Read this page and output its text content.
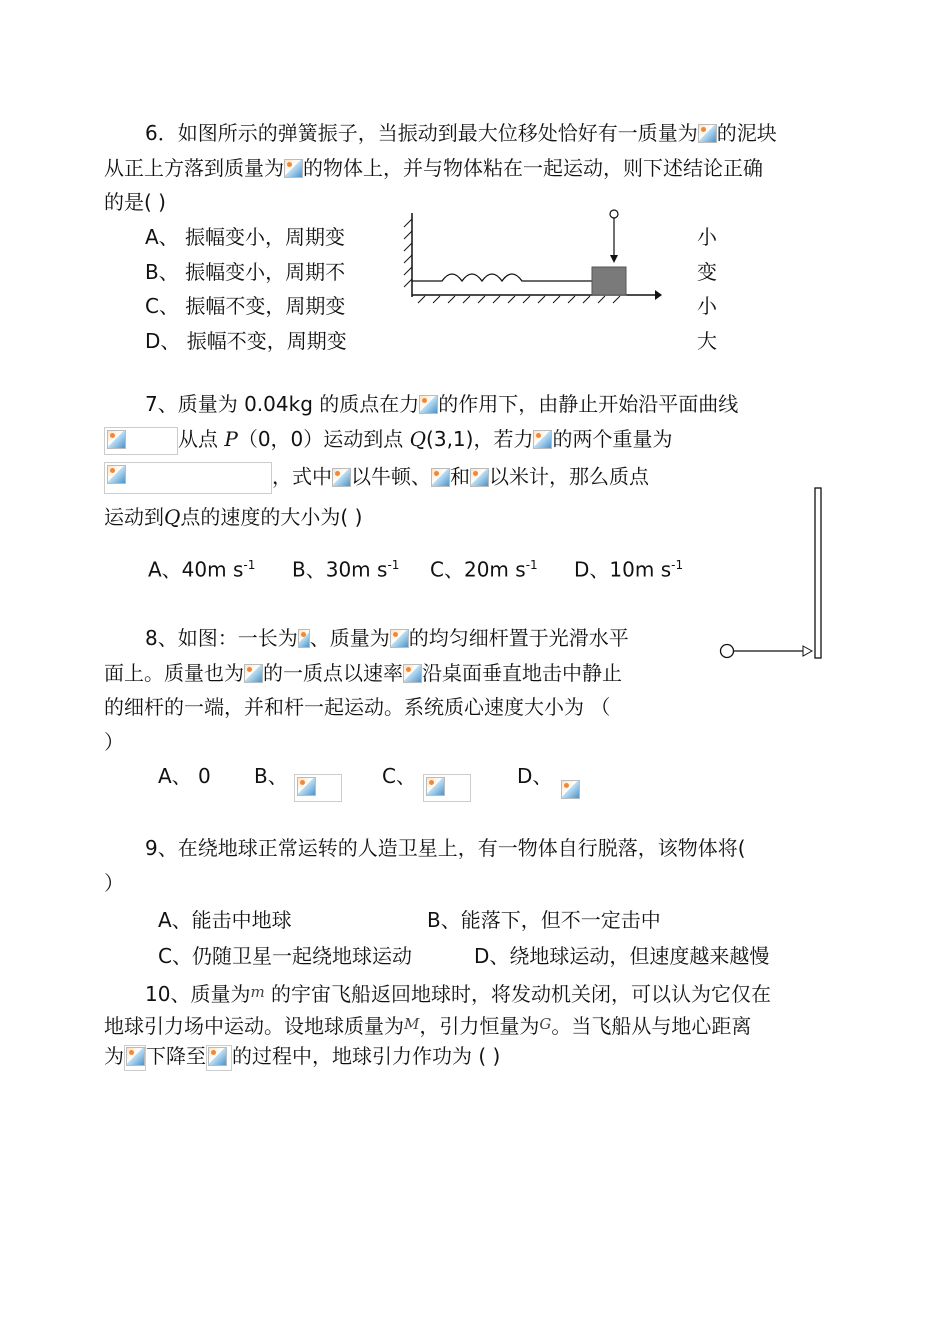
6．如图所示的弹簧振子，当振动到最大位移处恰好有一质量为 的泥块
从正上方落到质量为 的物体上，并与物体粘在一起运动，则下述结论正确
的是( )
A、 振幅变小，周期变
B、 振幅变小，周期不
C、 振幅不变，周期变
D、 振幅不变，周期变
小
变
小
大
7、质量为 0.04kg 的质点在力 的作用下，由静止开始沿平面曲线
从点 P（0，0）运动到点 Q(3,1)，若力 的两个重量为
，式中 以牛顿、 和 以米计，那么质点
运动到Q点的速度的大小为( )
A、40m $s^{-1}$ B、30m $s^{-1}$ C、20m $s^{-1}$ D、10m $s^{-1}$
8、如图：一长为 、质量为 的均匀细杆置于光滑水平
面上。质量也为 的一质点以速率 沿桌面垂直地击中静止
的细杆的一端，并和杆一起运动。系统质心速度大小为 （
）
A、 0 B、	C、	D、
9、在绕地球正常运转的人造卫星上，有一物体自行脱落，该物体将(
）
A、能击中地球	B、能落下，但不一定击中
C、仍随卫星一起绕地球运动	D、绕地球运动，但速度越来越慢
10、质量为$^m$ 的宇宙飞船返回地球时，将发动机关闭，可以认为它仅在
地球引力场中运动。设地球质量为$^M$，引力恒量为$^G$。当飞船从与地心距离
为 下降至 的过程中，地球引力作功为 ( )
